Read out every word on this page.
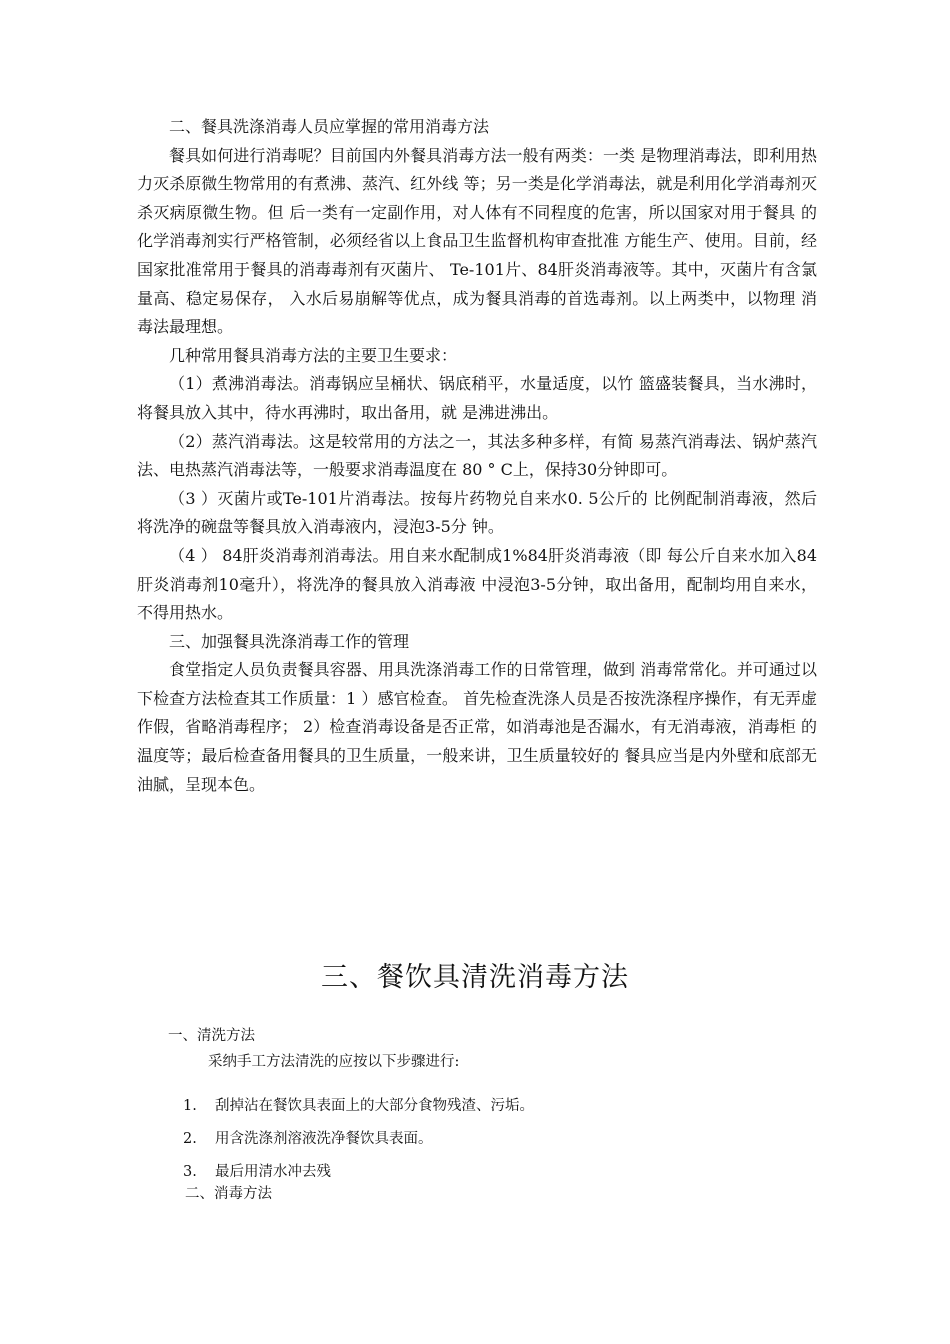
二、餐具洗涤消毒人员应掌握的常用消毒方法

餐具如何进行消毒呢？目前国内外餐具消毒方法一般有两类：一类 是物理消毒法，即利用热力灭杀原微生物常用的有煮沸、蒸汽、红外线 等；另一类是化学消毒法，就是利用化学消毒剂灭杀灭病原微生物。但 后一类有一定副作用，对人体有不同程度的危害，所以国家对用于餐具 的化学消毒剂实行严格管制，必须经省以上食品卫生监督机构审查批准 方能生产、使用。目前，经国家批准常用于餐具的消毒毒剂有灭菌片、 Te-101片、84肝炎消毒液等。其中，灭菌片有含氯量高、稳定易保存， 入水后易崩解等优点，成为餐具消毒的首选毒剂。以上两类中，以物理 消毒法最理想。

几种常用餐具消毒方法的主要卫生要求：

（1）煮沸消毒法。消毒锅应呈桶状、锅底稍平，水量适度，以竹 篮盛装餐具，当水沸时，将餐具放入其中，待水再沸时，取出备用，就 是沸进沸出。

（2）蒸汽消毒法。这是较常用的方法之一，其法多种多样，有简 易蒸汽消毒法、锅炉蒸汽法、电热蒸汽消毒法等，一般要求消毒温度在 80 ° C上，保持30分钟即可。

（3 ）灭菌片或Te-101片消毒法。按每片药物兑自来水0. 5公斤的 比例配制消毒液，然后将洗净的碗盘等餐具放入消毒液内，浸泡3-5分 钟。

（4 ） 84肝炎消毒剂消毒法。用自来水配制成1%84肝炎消毒液（即 每公斤自来水加入84肝炎消毒剂10毫升），将洗净的餐具放入消毒液 中浸泡3-5分钟，取出备用，配制均用自来水，不得用热水。

三、加强餐具洗涤消毒工作的管理

食堂指定人员负责餐具容器、用具洗涤消毒工作的日常管理，做到 消毒常常化。并可通过以下检查方法检查其工作质量：1 ）感官检查。 首先检查洗涤人员是否按洗涤程序操作，有无弄虚作假，省略消毒程序； 2）检查消毒设备是否正常，如消毒池是否漏水，有无消毒液，消毒柜 的温度等；最后检查备用餐具的卫生质量，一般来讲，卫生质量较好的 餐具应当是内外壁和底部无油腻，呈现本色。

三、餐饮具清洗消毒方法
一、清洗方法
采纳手工方法清洗的应按以下步骤进行:
1.	刮掉沾在餐饮具表面上的大部分食物残渣、污垢。
2.	用含洗涤剂溶液洗净餐饮具表面。
3.	最后用清水冲去残
二、消毒方法
